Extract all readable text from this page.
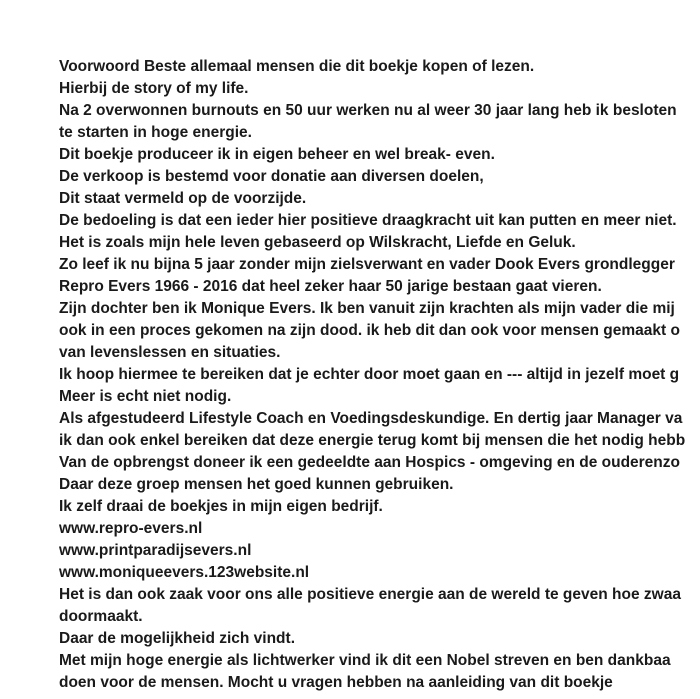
Voorwoord Beste allemaal mensen die dit boekje kopen of lezen.
Hierbij de story of my life.
Na 2 overwonnen burnouts en 50 uur werken nu al weer 30 jaar lang heb ik besloten
te starten in hoge energie.
Dit boekje produceer ik in eigen beheer en wel break- even.
De verkoop is bestemd voor donatie aan diversen doelen,
Dit staat vermeld op de voorzijde.
De bedoeling is dat een ieder hier positieve draagkracht uit kan putten en meer niet.
Het is zoals mijn hele leven gebaseerd op Wilskracht, Liefde en Geluk.
Zo leef ik nu bijna 5 jaar zonder mijn zielsverwant en vader Dook Evers grondlegger
Repro Evers 1966 - 2016 dat heel zeker haar 50 jarige bestaan gaat vieren.
Zijn dochter ben ik Monique Evers. Ik ben vanuit zijn krachten als mijn vader die mij
ook in een proces gekomen na zijn dood. ik heb dit dan ook voor mensen gemaakt o
van levenslessen en situaties.
Ik hoop hiermee te bereiken dat je echter door moet gaan en --- altijd in jezelf moet g
Meer is echt niet nodig.
Als afgestudeerd Lifestyle Coach en Voedingsdeskundige. En dertig jaar Manager va
ik dan ook enkel bereiken dat deze energie terug komt bij mensen die het nodig hebb
Van de opbrengst doneer ik een gedeeldte aan Hospics - omgeving en de ouderenzo
Daar deze groep mensen het goed kunnen gebruiken.
Ik zelf draai de boekjes in mijn eigen bedrijf.
www.repro-evers.nl
www.printparadijsevers.nl
www.moniqueevers.123website.nl
Het is dan ook zaak voor ons alle positieve energie aan de wereld te geven hoe zwaa
doormaakt.
Daar de mogelijkheid zich vindt.
Met mijn hoge energie als lichtwerker vind ik dit een Nobel streven en ben dankbaa
doen voor de mensen. Mocht u vragen hebben na aanleiding van dit boekje
